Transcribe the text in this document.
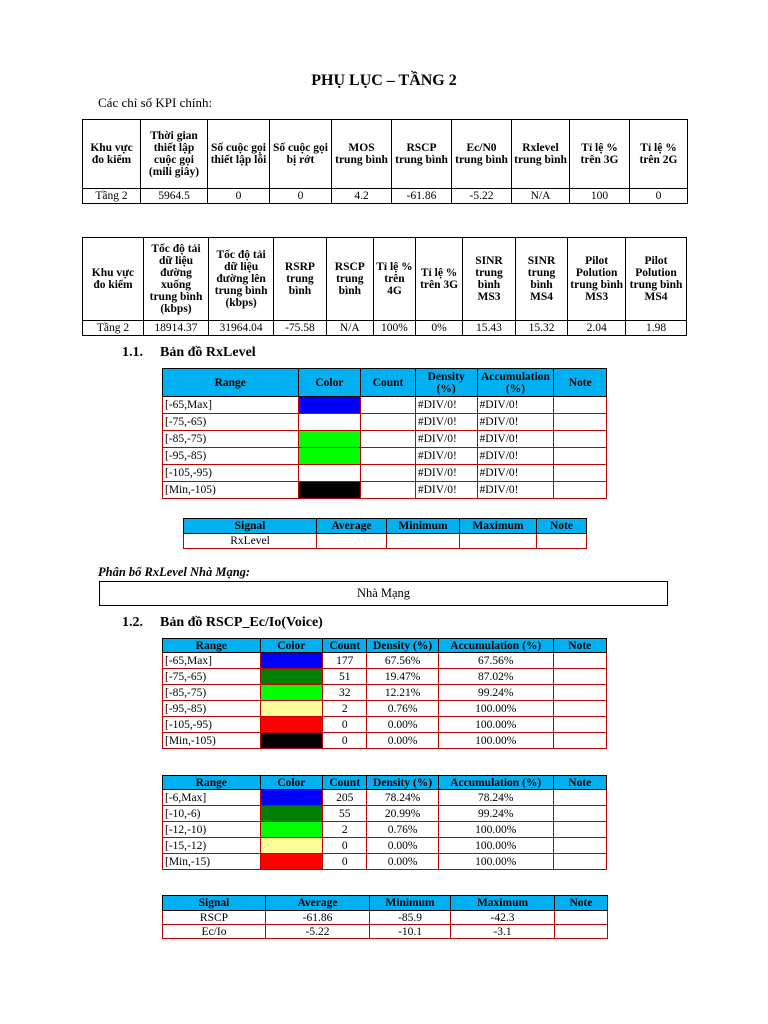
PHỤ LỤC – TẦNG 2
Các chỉ số KPI chính:
Khu vực đo kiểm	Thời gian thiết lập cuộc gọi (mili giây)	Số cuộc gọi thiết lập lỗi	Số cuộc gọi bị rớt	MOS trung bình	RSCP trung bình	Ec/N0 trung bình	Rxlevel trung bình	Tỉ lệ % trên 3G	Tỉ lệ % trên 2G
Tầng 2	5964.5	0	0	4.2	-61.86	-5.22	N/A	100	0
Khu vực đo kiểm	Tốc độ tải dữ liệu đường xuống trung bình (kbps)	Tốc độ tải dữ liệu đường lên trung bình (kbps)	RSRP trung bình	RSCP trung bình	Tỉ lệ % trên 4G	Tỉ lệ % trên 3G	SINR trung bình MS3	SINR trung bình MS4	Pilot Polution trung bình MS3	Pilot Polution trung bình MS4
Tầng 2	18914.37	31964.04	-75.58	N/A	100%	0%	15.43	15.32	2.04	1.98
1.1. Bản đồ RxLevel
Range	Color	Count	Density (%)	Accumulation (%)	Note
[-65,Max]			#DIV/0!	#DIV/0!	
[-75,-65)			#DIV/0!	#DIV/0!	
[-85,-75)			#DIV/0!	#DIV/0!	
[-95,-85)			#DIV/0!	#DIV/0!	
[-105,-95)			#DIV/0!	#DIV/0!	
[Min,-105)			#DIV/0!	#DIV/0!	
Signal	Average	Minimum	Maximum	Note
RxLevel				
Phân bố RxLevel Nhà Mạng:
Nhà Mạng
1.2. Bản đồ RSCP_Ec/Io(Voice)
Range	Color	Count	Density (%)	Accumulation (%)	Note
[-65,Max]		177	67.56%	67.56%	
[-75,-65)		51	19.47%	87.02%	
[-85,-75)		32	12.21%	99.24%	
[-95,-85)		2	0.76%	100.00%	
[-105,-95)		0	0.00%	100.00%	
[Min,-105)		0	0.00%	100.00%	
Range	Color	Count	Density (%)	Accumulation (%)	Note
[-6,Max]		205	78.24%	78.24%	
[-10,-6)		55	20.99%	99.24%	
[-12,-10)		2	0.76%	100.00%	
[-15,-12)		0	0.00%	100.00%	
[Min,-15)		0	0.00%	100.00%	
Signal	Average	Minimum	Maximum	Note
RSCP	-61.86	-85.9	-42.3	
Ec/Io	-5.22	-10.1	-3.1	
